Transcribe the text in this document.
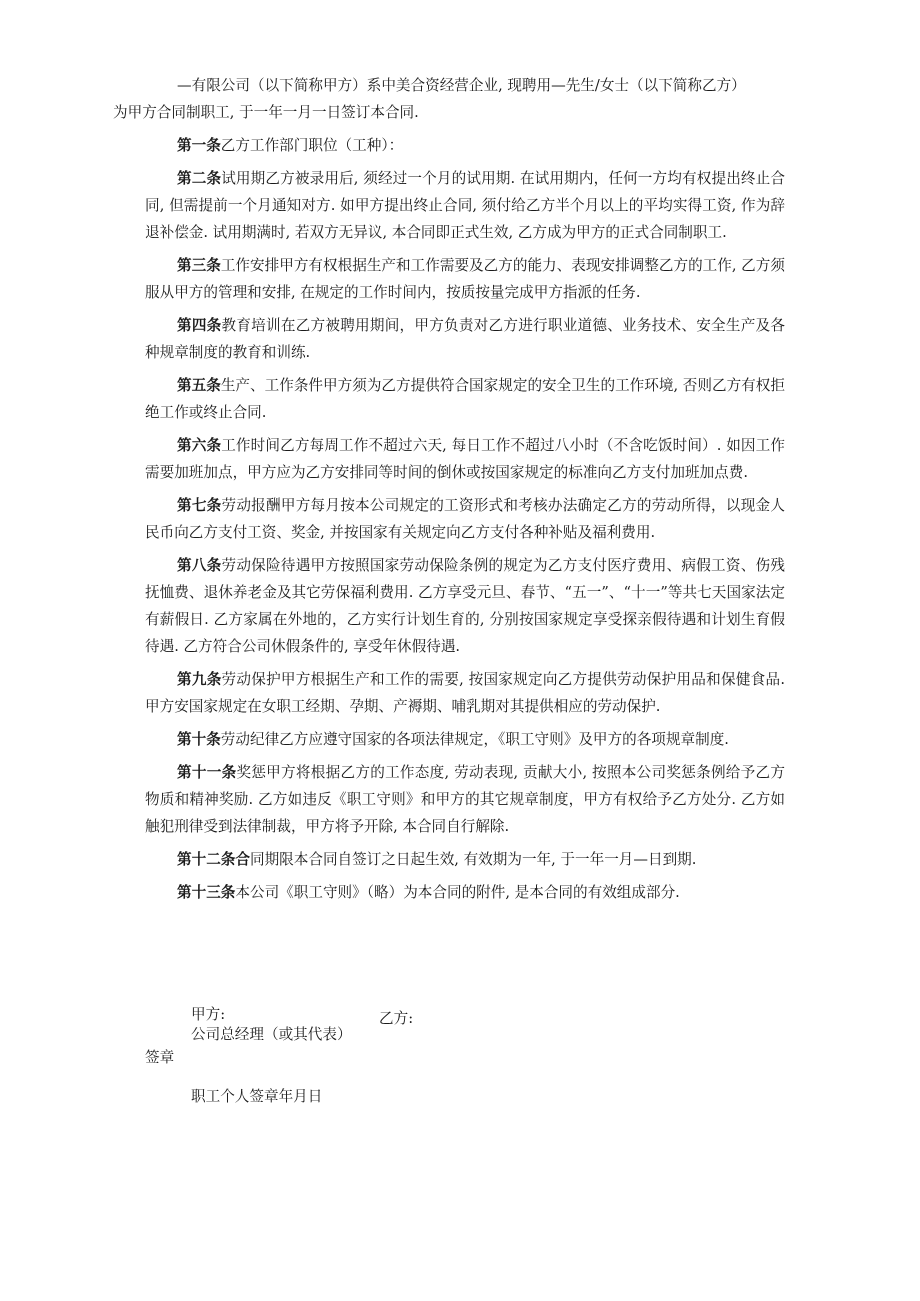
—有限公司（以下简称甲方）系中美合资经营企业, 现聘用—先生/女士（以下简称乙方）
为甲方合同制职工, 于一年一月一日签订本合同.

第一条乙方工作部门职位（工种）：

第二条试用期乙方被录用后, 须经过一个月的试用期. 在试用期内，任何一方均有权提出终止合同, 但需提前一个月通知对方. 如甲方提出终止合同, 须付给乙方半个月以上的平均实得工资, 作为辞退补偿金. 试用期满时, 若双方无异议, 本合同即正式生效, 乙方成为甲方的正式合同制职工.

第三条工作安排甲方有权根据生产和工作需要及乙方的能力、表现安排调整乙方的工作, 乙方须服从甲方的管理和安排, 在规定的工作时间内，按质按量完成甲方指派的任务.

第四条教育培训在乙方被聘用期间，甲方负责对乙方进行职业道德、业务技术、安全生产及各种规章制度的教育和训练.

第五条生产、工作条件甲方须为乙方提供符合国家规定的安全卫生的工作环境, 否则乙方有权拒绝工作或终止合同.

第六条工作时间乙方每周工作不超过六天, 每日工作不超过八小时（不含吃饭时间）. 如因工作需要加班加点，甲方应为乙方安排同等时间的倒休或按国家规定的标准向乙方支付加班加点费.

第七条劳动报酬甲方每月按本公司规定的工资形式和考核办法确定乙方的劳动所得，以现金人民币向乙方支付工资、奖金, 并按国家有关规定向乙方支付各种补贴及福利费用.

第八条劳动保险待遇甲方按照国家劳动保险条例的规定为乙方支付医疗费用、病假工资、伤残抚恤费、退休养老金及其它劳保福利费用. 乙方享受元旦、春节、“五一”、“十一”等共七天国家法定有薪假日. 乙方家属在外地的，乙方实行计划生育的, 分别按国家规定享受探亲假待遇和计划生育假待遇. 乙方符合公司休假条件的, 享受年休假待遇.

第九条劳动保护甲方根据生产和工作的需要, 按国家规定向乙方提供劳动保护用品和保健食品. 甲方安国家规定在女职工经期、孕期、产褥期、哺乳期对其提供相应的劳动保护.

第十条劳动纪律乙方应遵守国家的各项法律规定，《职工守则》及甲方的各项规章制度.

第十一条奖惩甲方将根据乙方的工作态度, 劳动表现, 贡献大小, 按照本公司奖惩条例给予乙方物质和精神奖励. 乙方如违反《职工守则》和甲方的其它规章制度，甲方有权给予乙方处分. 乙方如触犯刑律受到法律制裁，甲方将予开除, 本合同自行解除.

第十二条合同期限本合同自签订之日起生效, 有效期为一年, 于一年一月—日到期.

第十三条本公司《职工守则》（略）为本合同的附件, 是本合同的有效组成部分.

甲方:	乙方:
公司总经理（或其代表）
签章
职工个人签章年月日
